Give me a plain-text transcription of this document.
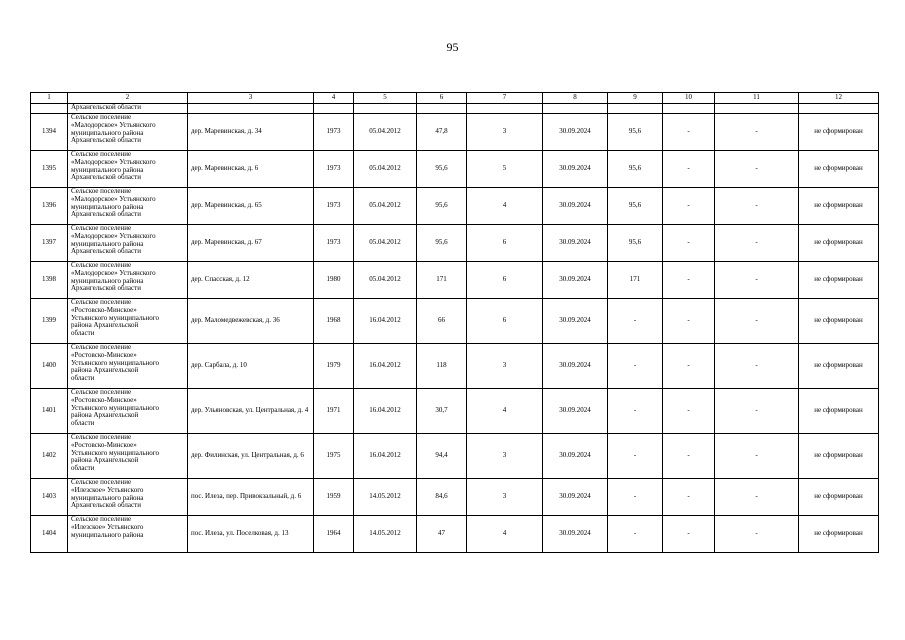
95
1	2	3	4	5	6	7	8	9	10	11	12
	Архангельской области										
1394	Сельское поселение
«Малодорское» Устьянского
муниципального района
Архангельской области	дер. Маревинская, д. 34	1973	05.04.2012	47,8	3	30.09.2024	95,6	-	-	не сформирован
1395	Сельское поселение
«Малодорское» Устьянского
муниципального района
Архангельской области	дер. Маревинская, д. 6	1973	05.04.2012	95,6	5	30.09.2024	95,6	-	-	не сформирован
1396	Сельское поселение
«Малодорское» Устьянского
муниципального района
Архангельской области	дер. Маревинская, д. 65	1973	05.04.2012	95,6	4	30.09.2024	95,6	-	-	не сформирован
1397	Сельское поселение
«Малодорское» Устьянского
муниципального района
Архангельской области	дер. Маревинская, д. 67	1973	05.04.2012	95,6	6	30.09.2024	95,6	-	-	не сформирован
1398	Сельское поселение
«Малодорское» Устьянского
муниципального района
Архангельской области	дер. Спасская, д. 12	1980	05.04.2012	171	6	30.09.2024	171	-	-	не сформирован
1399	Сельское поселение
«Ростовско-Минское»
Устьянского муниципального
района Архангельской
области	дер. Маломедвежевская, д. 36	1968	16.04.2012	66	6	30.09.2024	-	-	-	не сформирован
1400	Сельское поселение
«Ростовско-Минское»
Устьянского муниципального
района Архангельской
области	дер. Сарбала, д. 10	1979	16.04.2012	118	3	30.09.2024	-	-	-	не сформирован
1401	Сельское поселение
«Ростовско-Минское»
Устьянского муниципального
района Архангельской
области	дер. Ульяновская, ул. Центральная, д. 4	1971	16.04.2012	30,7	4	30.09.2024	-	-	-	не сформирован
1402	Сельское поселение
«Ростовско-Минское»
Устьянского муниципального
района Архангельской
области	дер. Филинская, ул. Центральная, д. 6	1975	16.04.2012	94,4	3	30.09.2024	-	-	-	не сформирован
1403	Сельское поселение
«Илезское» Устьянского
муниципального района
Архангельской области	пос. Илеза, пер. Привокзальный, д. 6	1959	14.05.2012	84,6	3	30.09.2024	-	-	-	не сформирован
1404	Сельское поселение
«Илезское» Устьянского
муниципального района	пос. Илеза, ул. Поселковая, д. 13	1964	14.05.2012	47	4	30.09.2024	-	-	-	не сформирован
